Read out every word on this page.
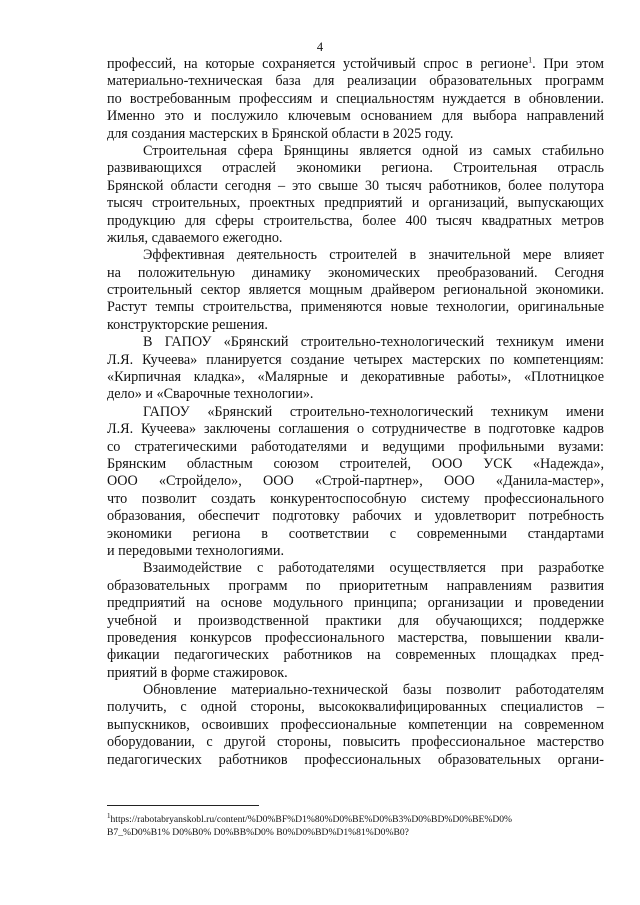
4
профессий, на которые сохраняется устойчивый спрос в регионе$^1$. При этом
материально-техническая база для реализации образовательных программ
по востребованным профессиям и специальностям нуждается в обновлении.
Именно это и послужило ключевым основанием для выбора направлений
для создания мастерских в Брянской области в 2025 году.
Строительная сфера Брянщины является одной из самых стабильно
развивающихся отраслей экономики региона. Строительная отрасль
Брянской области сегодня – это свыше 30 тысяч работников, более полутора
тысяч строительных, проектных предприятий и организаций, выпускающих
продукцию для сферы строительства, более 400 тысяч квадратных метров
жилья, сдаваемого ежегодно.
Эффективная деятельность строителей в значительной мере влияет
на положительную динамику экономических преобразований. Сегодня
строительный сектор является мощным драйвером региональной экономики.
Растут темпы строительства, применяются новые технологии, оригинальные
конструкторские решения.
В ГАПОУ «Брянский строительно-технологический техникум имени
Л.Я. Кучеева» планируется создание четырех мастерских по компетенциям:
«Кирпичная кладка», «Малярные и декоративные работы», «Плотницкое
дело» и «Сварочные технологии».
ГАПОУ «Брянский строительно-технологический техникум имени
Л.Я. Кучеева» заключены соглашения о сотрудничестве в подготовке кадров
со стратегическими работодателями и ведущими профильными вузами:
Брянским областным союзом строителей, ООО УСК «Надежда»,
ООО «Стройдело», ООО «Строй-партнер», ООО «Данила-мастер»,
что позволит создать конкурентоспособную систему профессионального
образования, обеспечит подготовку рабочих и удовлетворит потребность
экономики региона в соответствии с современными стандартами
и передовыми технологиями.
Взаимодействие с работодателями осуществляется при разработке
образовательных программ по приоритетным направлениям развития
предприятий на основе модульного принципа; организации и проведении
учебной и производственной практики для обучающихся; поддержке
проведения конкурсов профессионального мастерства, повышении квали-
фикации педагогических работников на современных площадках пред-
приятий в форме стажировок.
Обновление материально-технической базы позволит работодателям
получить, с одной стороны, высококвалифицированных специалистов –
выпускников, освоивших профессиональные компетенции на современном
оборудовании, с другой стороны, повысить профессиональное мастерство
педагогических работников профессиональных образовательных органи-
$^1$https://rabotabryanskobl.ru/content/%D0%BF%D1%80%D0%BE%D0%B3%D0%BD%D0%BE%D0%
B7_%D0%B1% D0%B0% D0%BB%D0% B0%D0%BD%D1%81%D0%B0?
